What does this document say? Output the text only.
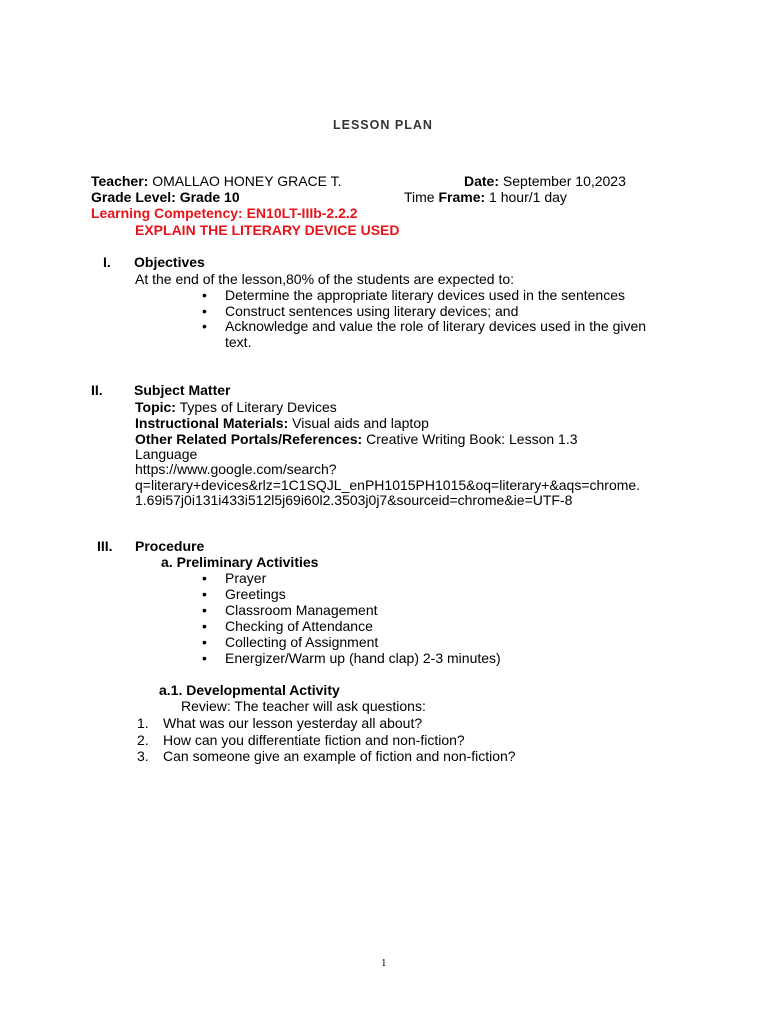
LESSON PLAN
Teacher: OMALLAO HONEY GRACE T.	Date: September 10,2023
Grade Level: Grade 10	Time Frame: 1 hour/1 day
Learning Competency: EN10LT-IIIb-2.2.2
EXPLAIN THE LITERARY DEVICE USED
I. Objectives
At the end of the lesson,80% of the students are expected to:
• Determine the appropriate literary devices used in the sentences
• Construct sentences using literary devices; and
• Acknowledge and value the role of literary devices used in the given
text.
II. Subject Matter
Topic: Types of Literary Devices
Instructional Materials: Visual aids and laptop
Other Related Portals/References: Creative Writing Book: Lesson 1.3
Language
https://www.google.com/search?
q=literary+devices&rlz=1C1SQJL_enPH1015PH1015&oq=literary+&aqs=chrome.
1.69i57j0i131i433i512l5j69i60l2.3503j0j7&sourceid=chrome&ie=UTF-8
III. Procedure
a. Preliminary Activities
• Prayer
• Greetings
• Classroom Management
• Checking of Attendance
• Collecting of Assignment
• Energizer/Warm up (hand clap) 2-3 minutes)
a.1. Developmental Activity
Review: The teacher will ask questions:
1. What was our lesson yesterday all about?
2. How can you differentiate fiction and non-fiction?
3. Can someone give an example of fiction and non-fiction?
1
